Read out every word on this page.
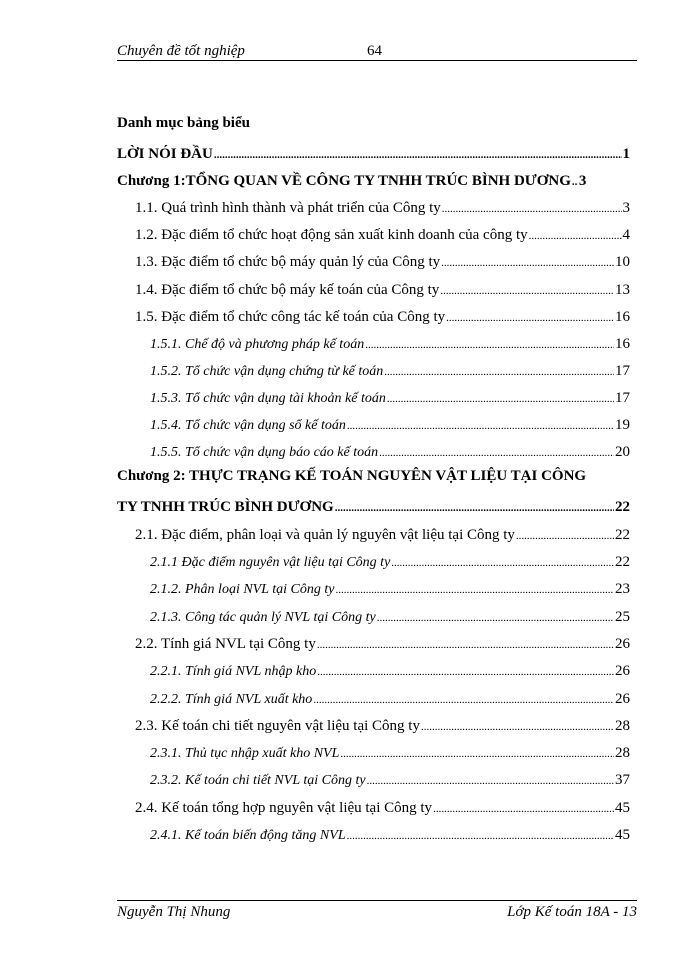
Chuyên đề tốt nghiệp	64
Danh mục bảng biểu
LỜI NÓI ĐẦU .....	1
Chương 1:TỔNG QUAN VỀ CÔNG TY TNHH TRÚC BÌNH DƯƠNG ..... 3
1.1. Quá trình hình thành và phát triển của Công ty .....	3
1.2. Đặc điểm tổ chức hoạt động sản xuất kinh doanh của công ty .....	4
1.3. Đặc điểm tổ chức bộ máy quản lý của Công ty .....	10
1.4. Đặc điểm tổ chức bộ máy kế toán của Công ty .....	13
1.5. Đặc điểm tổ chức công tác kế toán của Công ty .....	16
1.5.1. Chế độ và phương pháp kế toán .....	16
1.5.2. Tổ chức vận dụng chứng từ kế toán .....	17
1.5.3. Tổ chức vận dụng tài khoản kế toán .....	17
1.5.4. Tổ chức vận dụng sổ kế toán .....	19
1.5.5. Tổ chức vận dụng báo cáo kế toán .....	20
Chương 2: THỰC TRẠNG KẾ TOÁN NGUYÊN VẬT LIỆU TẠI CÔNG
TY TNHH TRÚC BÌNH DƯƠNG .....	22
2.1. Đặc điểm, phân loại và quản lý nguyên vật liệu tại Công ty .....	22
2.1.1 Đặc điểm nguyên vật liệu tại Công ty .....	22
2.1.2. Phân loại NVL tại Công ty .....	23
2.1.3. Công tác quản lý NVL tại Công ty .....	25
2.2. Tính giá NVL tại Công ty .....	26
2.2.1. Tính giá NVL nhập kho .....	26
2.2.2. Tính giá NVL xuất kho .....	26
2.3. Kế toán chi tiết nguyên vật liệu tại Công ty .....	28
2.3.1. Thủ tục nhập xuất kho NVL .....	28
2.3.2. Kế toán chi tiết NVL tại Công ty .....	37
2.4. Kế toán tổng hợp nguyên vật liệu tại Công ty .....	45
2.4.1. Kế toán biến động tăng NVL .....	45
Nguyễn Thị Nhung	Lớp Kế toán 18A - 13
